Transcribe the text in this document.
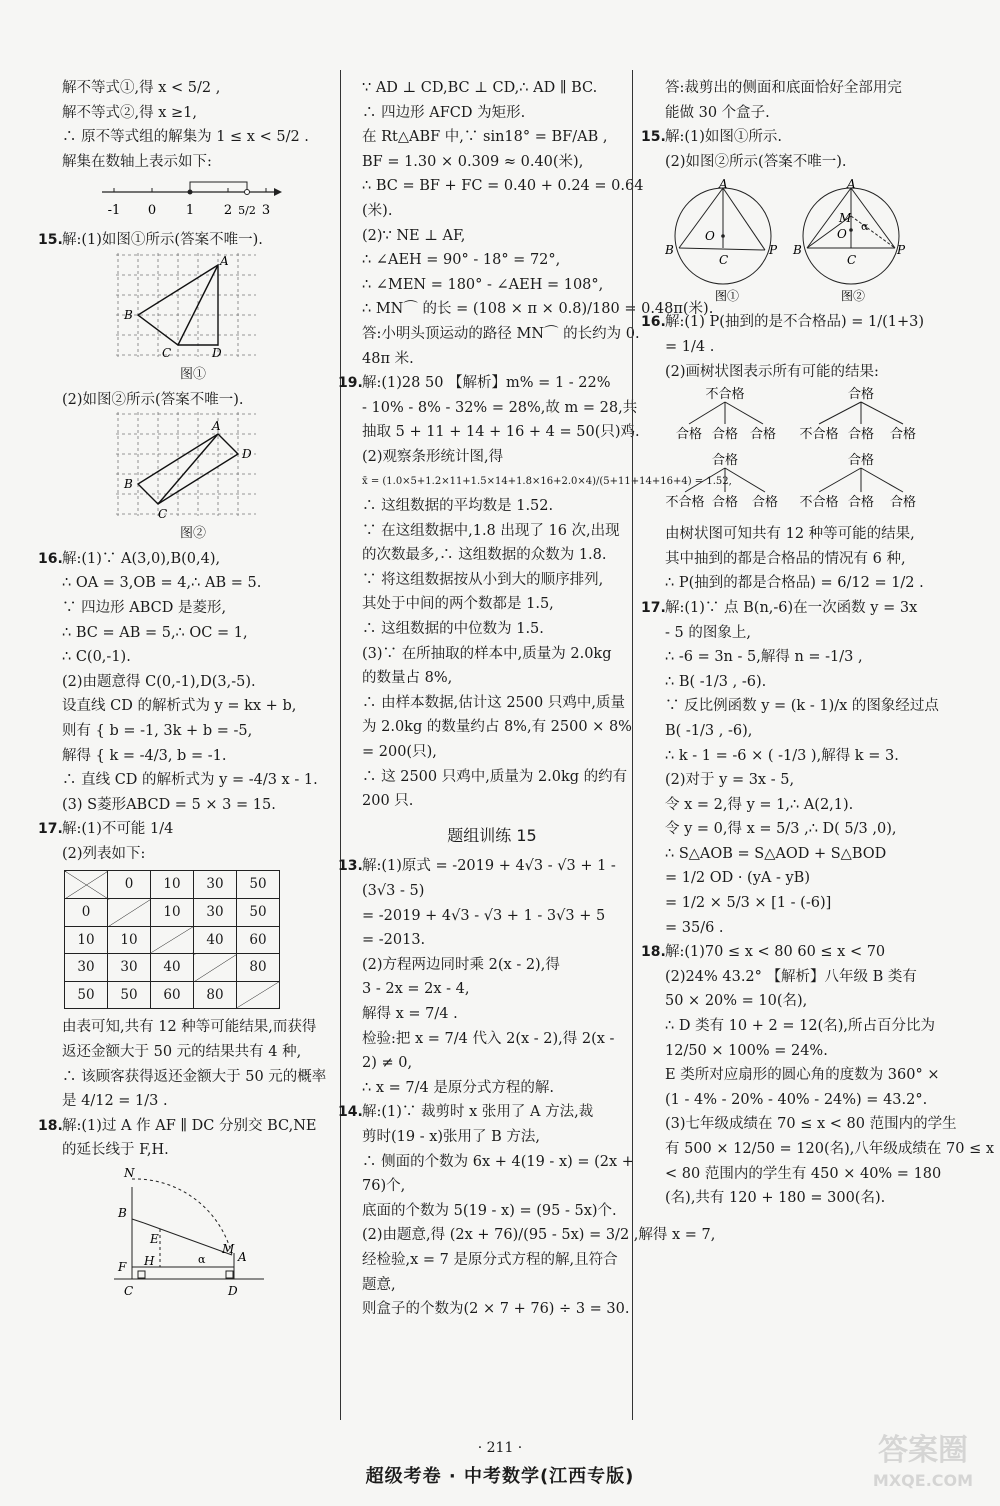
解不等式①,得 x < 5/2 ,
解不等式②,得 x ≥1,
∴ 原不等式组的解集为 1 ≤ x < 5/2 .
解集在数轴上表示如下:
-1 0 1 2 5/2 3
15.解:(1)如图①所示(答案不唯一).
A
B
C	D
图①
(2)如图②所示(答案不唯一).
A
B
C
D
图②
16.解:(1)∵ A(3,0),B(0,4),
∴ OA = 3,OB = 4,∴ AB = 5.
∵ 四边形 ABCD 是菱形,
∴ BC = AB = 5,∴ OC = 1,
∴ C(0,-1).
(2)由题意得 C(0,-1),D(3,-5).
设直线 CD 的解析式为 y = kx + b,
则有 { b = -1, 3k + b = -5,
解得 { k = -4/3, b = -1.
∴ 直线 CD 的解析式为 y = -4/3 x - 1.
(3) S菱形ABCD = 5 × 3 = 15.
17.解:(1)不可能 1/4
(2)列表如下:
	0	10	30	50
0		10	30	50
10	10		40	60
30	30	40		80
50	50	60	80	
由表可知,共有 12 种等可能结果,而获得
返还金额大于 50 元的结果共有 4 种,
∴ 该顾客获得返还金额大于 50 元的概率
是 4/12 = 1/3 .
18.解:(1)过 A 作 AF ∥ DC 分别交 BC,NE
的延长线于 F,H.
N
B
E
F H
C
M
A
D
α
∵ AD ⊥ CD,BC ⊥ CD,∴ AD ∥ BC.
∴ 四边形 AFCD 为矩形.
在 Rt△ABF 中,∵ sin18° = BF/AB ,
BF = 1.30 × 0.309 ≈ 0.40(米),
∴ BC = BF + FC = 0.40 + 0.24 = 0.64
(米).
(2)∵ NE ⊥ AF,
∴ ∠AEH = 90° - 18° = 72°,
∴ ∠MEN = 180° - ∠AEH = 108°,
∴ MN⌒ 的长 = (108 × π × 0.8)/180 = 0.48π(米).
答:小明头顶运动的路径 MN⌒ 的长约为 0.
48π 米.
19.解:(1)28 50 【解析】m% = 1 - 22%
- 10% - 8% - 32% = 28%,故 m = 28,共
抽取 5 + 11 + 14 + 16 + 4 = 50(只)鸡.
(2)观察条形统计图,得
x̄ = (1.0×5+1.2×11+1.5×14+1.8×16+2.0×4)/(5+11+14+16+4) = 1.52,
∴ 这组数据的平均数是 1.52.
∵ 在这组数据中,1.8 出现了 16 次,出现
的次数最多,∴ 这组数据的众数为 1.8.
∵ 将这组数据按从小到大的顺序排列,
其处于中间的两个数都是 1.5,
∴ 这组数据的中位数为 1.5.
(3)∵ 在所抽取的样本中,质量为 2.0kg
的数量占 8%,
∴ 由样本数据,估计这 2500 只鸡中,质量
为 2.0kg 的数量约占 8%,有 2500 × 8%
= 200(只),
∴ 这 2500 只鸡中,质量为 2.0kg 的约有
200 只.
题组训练 15
13.解:(1)原式 = -2019 + 4√3 - √3 + 1 -
(3√3 - 5)
= -2019 + 4√3 - √3 + 1 - 3√3 + 5
= -2013.
(2)方程两边同时乘 2(x - 2),得
3 - 2x = 2x - 4,
解得 x = 7/4 .
检验:把 x = 7/4 代入 2(x - 2),得 2(x -
2) ≠ 0,
∴ x = 7/4 是原分式方程的解.
14.解:(1)∵ 裁剪时 x 张用了 A 方法,裁
剪时(19 - x)张用了 B 方法,
∴ 侧面的个数为 6x + 4(19 - x) = (2x +
76)个,
底面的个数为 5(19 - x) = (95 - 5x)个.
(2)由题意,得 (2x + 76)/(95 - 5x) = 3/2 ,解得 x = 7,
经检验,x = 7 是原分式方程的解,且符合
题意,
则盒子的个数为(2 × 7 + 76) ÷ 3 = 30.
答:裁剪出的侧面和底面恰好全部用完
能做 30 个盒子.
15.解:(1)如图①所示.
(2)如图②所示(答案不唯一).
A
B
O
C
P
图①
A
B
M
O
C
P
α
图②
16.解:(1) P(抽到的是不合格品) = 1/(1+3)
= 1/4 .
(2)画树状图表示所有可能的结果:
不合格	合格
合格 合格 合格 不合格 合格 合格
合格	合格
不合格 合格 合格 不合格 合格 合格
由树状图可知共有 12 种等可能的结果,
其中抽到的都是合格品的情况有 6 种,
∴ P(抽到的都是合格品) = 6/12 = 1/2 .
17.解:(1)∵ 点 B(n,-6)在一次函数 y = 3x
- 5 的图象上,
∴ -6 = 3n - 5,解得 n = -1/3 ,
∴ B( -1/3 , -6).
∵ 反比例函数 y = (k - 1)/x 的图象经过点
B( -1/3 , -6),
∴ k - 1 = -6 × ( -1/3 ),解得 k = 3.
(2)对于 y = 3x - 5,
令 x = 2,得 y = 1,∴ A(2,1).
令 y = 0,得 x = 5/3 ,∴ D( 5/3 ,0),
∴ S△AOB = S△AOD + S△BOD
= 1/2 OD · (yA - yB)
= 1/2 × 5/3 × [1 - (-6)]
= 35/6 .
18.解:(1)70 ≤ x < 80 60 ≤ x < 70
(2)24% 43.2° 【解析】八年级 B 类有
50 × 20% = 10(名),
∴ D 类有 10 + 2 = 12(名),所占百分比为
12/50 × 100% = 24%.
E 类所对应扇形的圆心角的度数为 360° ×
(1 - 4% - 20% - 40% - 24%) = 43.2°.
(3)七年级成绩在 70 ≤ x < 80 范围内的学生
有 500 × 12/50 = 120(名),八年级成绩在 70 ≤ x
< 80 范围内的学生有 450 × 40% = 180
(名),共有 120 + 180 = 300(名).
· 211 ·
超级考卷 · 中考数学(江西专版)
答案圈
MXQE.COM
